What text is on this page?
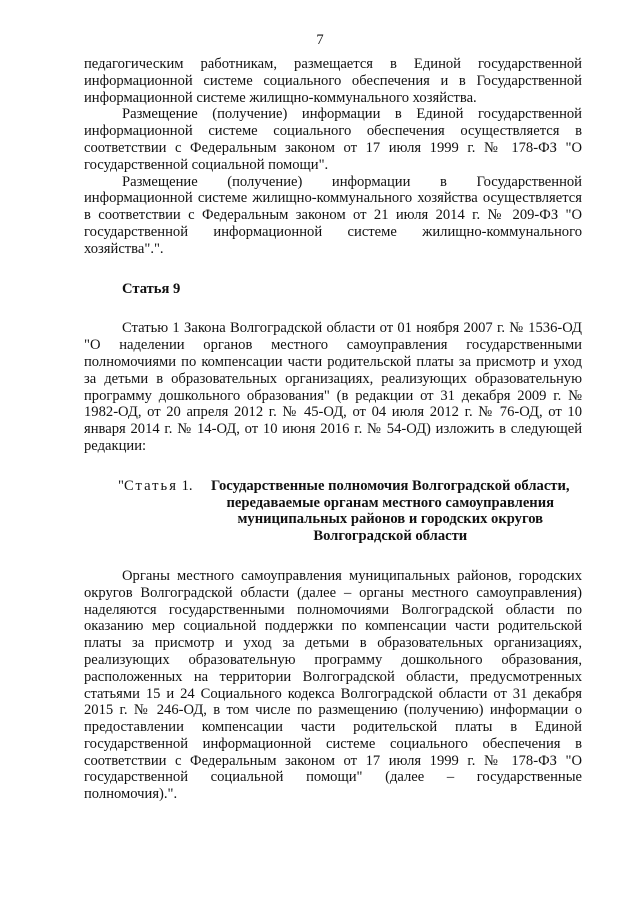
7

педагогическим работникам, размещается в Единой государственной информационной системе социального обеспечения и в Государственной информационной системе жилищно-коммунального хозяйства.

Размещение (получение) информации в Единой государственной информационной системе социального обеспечения осуществляется в соответствии с Федеральным законом от 17 июля 1999 г. № 178-ФЗ "О государственной социальной помощи".

Размещение (получение) информации в Государственной информационной системе жилищно-коммунального хозяйства осуществляется в соответствии с Федеральным законом от 21 июля 2014 г. № 209-ФЗ "О государственной информационной системе жилищно-коммунального хозяйства".".

Статья 9

Статью 1 Закона Волгоградской области от 01 ноября 2007 г. № 1536-ОД "О наделении органов местного самоуправления государственными полномочиями по компенсации части родительской платы за присмотр и уход за детьми в образовательных организациях, реализующих образовательную программу дошкольного образования" (в редакции от 31 декабря 2009 г. № 1982-ОД, от 20 апреля 2012 г. № 45-ОД, от 04 июля 2012 г. № 76-ОД, от 10 января 2014 г. № 14-ОД, от 10 июня 2016 г. № 54-ОД) изложить в следующей редакции:

"Статья 1.	Государственные полномочия Волгоградской области, передаваемые органам местного самоуправления муниципальных районов и городских округов Волгоградской области

Органы местного самоуправления муниципальных районов, городских округов Волгоградской области (далее – органы местного самоуправления) наделяются государственными полномочиями Волгоградской области по оказанию мер социальной поддержки по компенсации части родительской платы за присмотр и уход за детьми в образовательных организациях, реализующих образовательную программу дошкольного образования, расположенных на территории Волгоградской области, предусмотренных статьями 15 и 24 Социального кодекса Волгоградской области от 31 декабря 2015 г. № 246-ОД, в том числе по размещению (получению) информации о предоставлении компенсации части родительской платы в Единой государственной информационной системе социального обеспечения в соответствии с Федеральным законом от 17 июля 1999 г. № 178-ФЗ "О государственной социальной помощи" (далее – государственные полномочия).".
